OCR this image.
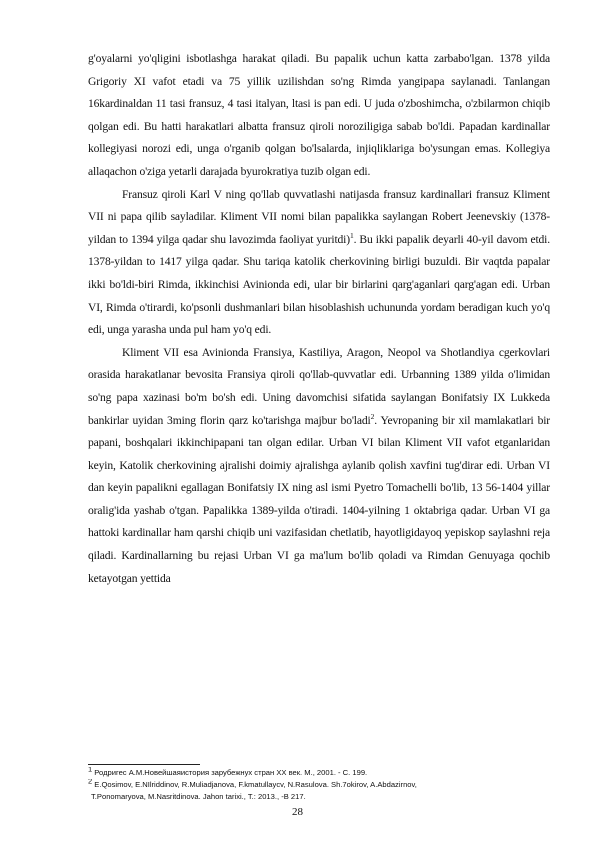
g'oyalarni yo'qligini isbotlashga harakat qiladi. Bu papalik uchun katta zarbabo'lgan. 1378 yilda Grigoriy XI vafot etadi va 75 yillik uzilishdan so'ng Rimda yangipapa saylanadi. Tanlangan 16kardinaldan 11 tasi fransuz, 4 tasi italyan, ltasi is pan edi. U juda o'zboshimcha, o'zbilarmon chiqib qolgan edi. Bu hatti harakatlari albatta fransuz qiroli noroziligiga sabab bo'ldi. Papadan kardinallar kollegiyasi norozi edi, unga o'rganib qolgan bo'lsalarda, injiqliklariga bo'ysungan emas. Kollegiya allaqachon o'ziga yetarli darajada byurokratiya tuzib olgan edi.

Fransuz qiroli Karl V ning qo'llab quvvatlashi natijasda fransuz kardinallari fransuz Kliment VII ni papa qilib sayladilar. Kliment VII nomi bilan papalikka saylangan Robert Jeenevskiy (1378-yildan to 1394 yilga qadar shu lavozimda faoliyat yuritdi)$^1$. Bu ikki papalik deyarli 40-yil davom etdi. 1378-yildan to 1417 yilga qadar. Shu tariqa katolik cherkovining birligi buzuldi. Bir vaqtda papalar ikki bo'ldi-biri Rimda, ikkinchisi Avinionda edi, ular bir birlarini qarg'aganlari qarg'agan edi. Urban VI, Rimda o'tirardi, ko'psonli dushmanlari bilan hisoblashish uchununda yordam beradigan kuch yo'q edi, unga yarasha unda pul ham yo'q edi.

Kliment VII esa Avinionda Fransiya, Kastiliya, Aragon, Neopol va Shotlandiya cgerkovlari orasida harakatlanar bevosita Fransiya qiroli qo'llab-quvvatlar edi. Urbanning 1389 yilda o'limidan so'ng papa xazinasi bo'm bo'sh edi. Uning davomchisi sifatida saylangan Bonifatsiy IX Lukkeda bankirlar uyidan 3ming florin qarz ko'tarishga majbur bo'ladi$^2$. Yevropaning bir xil mamlakatlari bir papani, boshqalari ikkinchipapani tan olgan edilar. Urban VI bilan Kliment VII vafot etganlaridan keyin, Katolik cherkovining ajralishi doimiy ajralishga aylanib qolish xavfini tug'dirar edi. Urban VI dan keyin papalikni egallagan Bonifatsiy IX ning asl ismi Pyetro Tomachelli bo'lib, 13 56-1404 yillar oralig'ida yashab o'tgan. Papalikka 1389-yilda o'tiradi. 1404-yilning 1 oktabriga qadar. Urban VI ga hattoki kardinallar ham qarshi chiqib uni vazifasidan chetlatib, hayotligidayoq yepiskop saylashni reja qiladi. Kardinallarning bu rejasi Urban VI ga ma'lum bo'lib qoladi va Rimdan Genuyaga qochib ketayotgan yettida

$^1$ Родригес А.М.Новейшаяистория зарубежнух стран XX век. М., 2001. - С. 199.
$^2$ E.Qosimov, E.NIlriddinov, R.Muliadjanova, F.kmatullaycv, N.Rasulova. Sh.7okirov, A.Abdazirnov,
T.Ponomaryova, M.Nasritdinova. Jahon tarixi., T.: 2013., -B 217.
28
